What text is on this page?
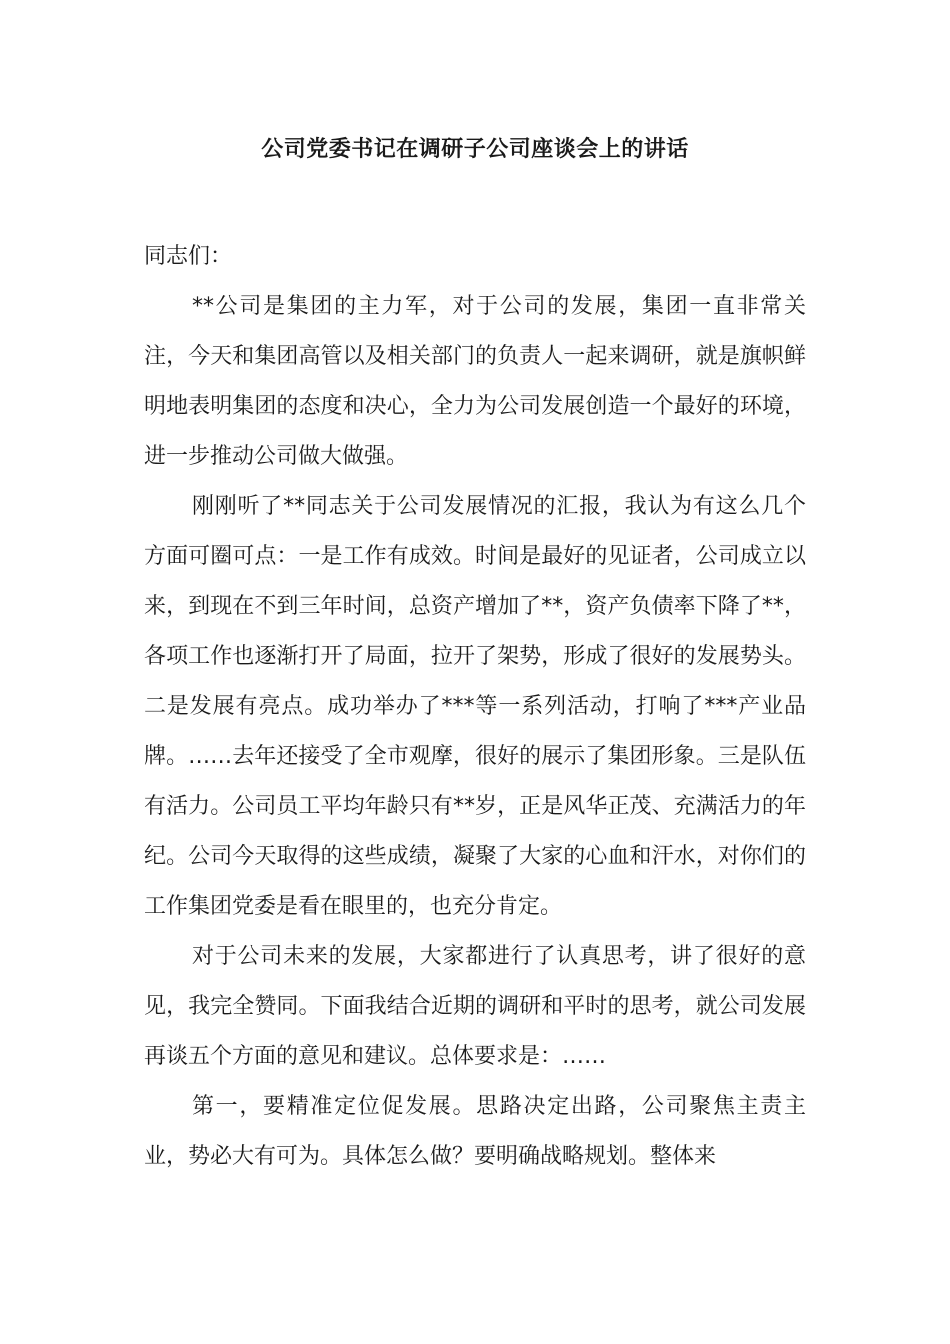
公司党委书记在调研子公司座谈会上的讲话

同志们：

**公司是集团的主力军，对于公司的发展，集团一直非常关注，今天和集团高管以及相关部门的负责人一起来调研，就是旗帜鲜明地表明集团的态度和决心，全力为公司发展创造一个最好的环境，进一步推动公司做大做强。

刚刚听了**同志关于公司发展情况的汇报，我认为有这么几个方面可圈可点：一是工作有成效。时间是最好的见证者，公司成立以来，到现在不到三年时间，总资产增加了**，资产负债率下降了**，各项工作也逐渐打开了局面，拉开了架势，形成了很好的发展势头。二是发展有亮点。成功举办了***等一系列活动，打响了***产业品牌。……去年还接受了全市观摩，很好的展示了集团形象。三是队伍有活力。公司员工平均年龄只有**岁，正是风华正茂、充满活力的年纪。公司今天取得的这些成绩，凝聚了大家的心血和汗水，对你们的工作集团党委是看在眼里的，也充分肯定。

对于公司未来的发展，大家都进行了认真思考，讲了很好的意见，我完全赞同。下面我结合近期的调研和平时的思考，就公司发展再谈五个方面的意见和建议。总体要求是：……

第一，要精准定位促发展。思路决定出路，公司聚焦主责主业，势必大有可为。具体怎么做？要明确战略规划。整体来
